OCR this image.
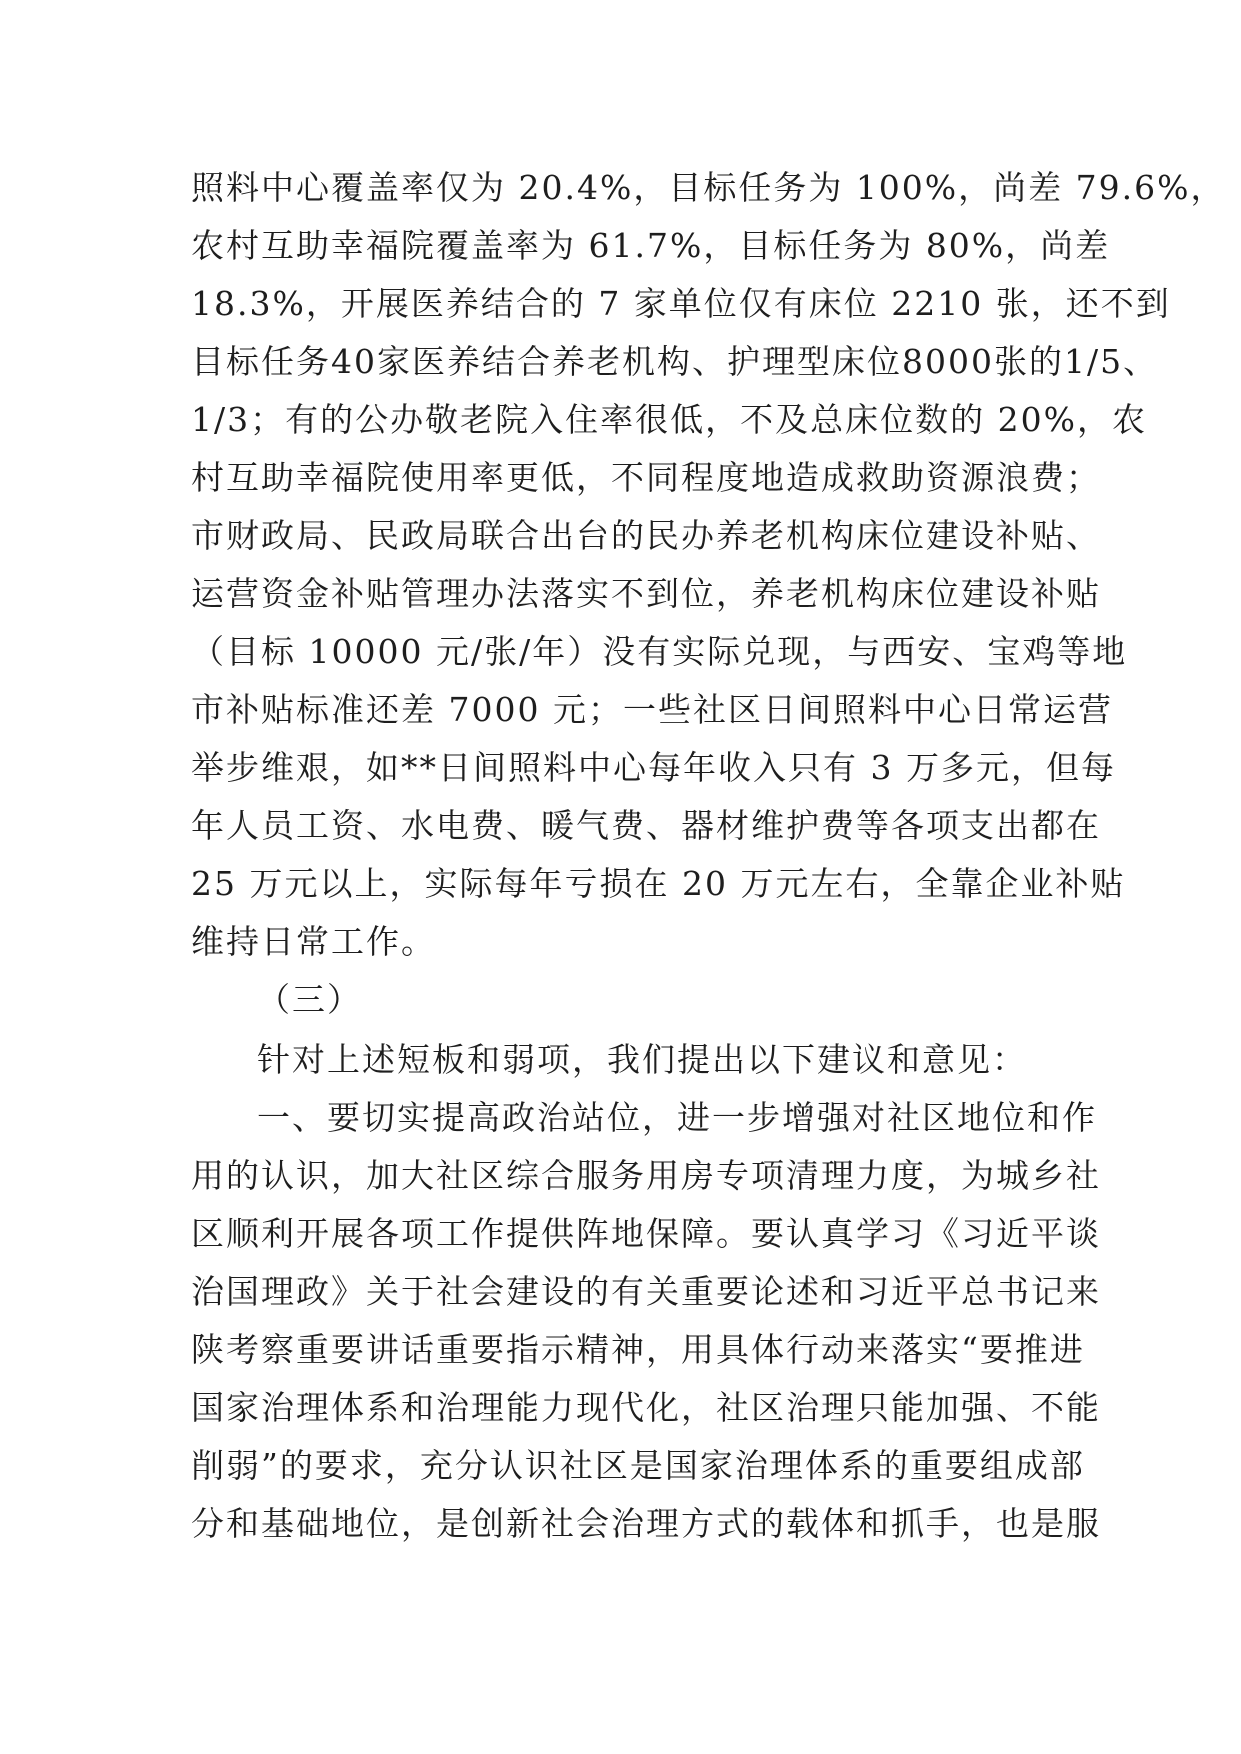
照料中心覆盖率仅为 20.4%，目标任务为 100%，尚差 79.6%，
农村互助幸福院覆盖率为 61.7%，目标任务为 80%，尚差
18.3%，开展医养结合的 7 家单位仅有床位 2210 张，还不到
目标任务40家医养结合养老机构、护理型床位8000张的1/5、
1/3；有的公办敬老院入住率很低，不及总床位数的 20%，农
村互助幸福院使用率更低，不同程度地造成救助资源浪费；
市财政局、民政局联合出台的民办养老机构床位建设补贴、
运营资金补贴管理办法落实不到位，养老机构床位建设补贴
（目标 10000 元/张/年）没有实际兑现，与西安、宝鸡等地
市补贴标准还差 7000 元；一些社区日间照料中心日常运营
举步维艰，如**日间照料中心每年收入只有 3 万多元，但每
年人员工资、水电费、暖气费、器材维护费等各项支出都在
25 万元以上，实际每年亏损在 20 万元左右，全靠企业补贴
维持日常工作。
（三）
针对上述短板和弱项，我们提出以下建议和意见：
一、要切实提高政治站位，进一步增强对社区地位和作
用的认识，加大社区综合服务用房专项清理力度，为城乡社
区顺利开展各项工作提供阵地保障。要认真学习《习近平谈
治国理政》关于社会建设的有关重要论述和习近平总书记来
陕考察重要讲话重要指示精神，用具体行动来落实“要推进
国家治理体系和治理能力现代化，社区治理只能加强、不能
削弱”的要求，充分认识社区是国家治理体系的重要组成部
分和基础地位，是创新社会治理方式的载体和抓手，也是服
